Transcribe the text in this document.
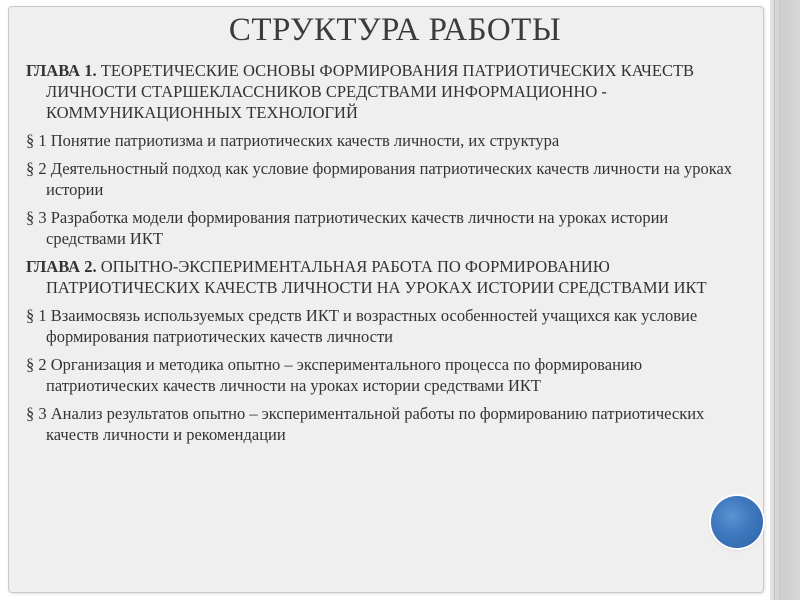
СТРУКТУРА РАБОТЫ
ГЛАВА 1. ТЕОРЕТИЧЕСКИЕ ОСНОВЫ ФОРМИРОВАНИЯ ПАТРИОТИЧЕСКИХ КАЧЕСТВ ЛИЧНОСТИ СТАРШЕКЛАССНИКОВ СРЕДСТВАМИ ИНФОРМАЦИОННО - КОММУНИКАЦИОННЫХ ТЕХНОЛОГИЙ
§ 1 Понятие патриотизма и патриотических качеств личности, их структура
§ 2 Деятельностный подход как условие формирования патриотических качеств личности на уроках истории
§ 3 Разработка модели формирования патриотических качеств личности на уроках истории средствами ИКТ
ГЛАВА 2. ОПЫТНО-ЭКСПЕРИМЕНТАЛЬНАЯ РАБОТА ПО ФОРМИРОВАНИЮ ПАТРИОТИЧЕСКИХ КАЧЕСТВ ЛИЧНОСТИ НА УРОКАХ ИСТОРИИ СРЕДСТВАМИ ИКТ
§ 1 Взаимосвязь используемых средств ИКТ и возрастных особенностей учащихся как условие формирования патриотических качеств личности
§ 2 Организация и методика опытно – экспериментального процесса по формированию патриотических качеств личности на уроках истории средствами ИКТ
§ 3 Анализ результатов опытно – экспериментальной работы по формированию патриотических качеств личности и рекомендации
